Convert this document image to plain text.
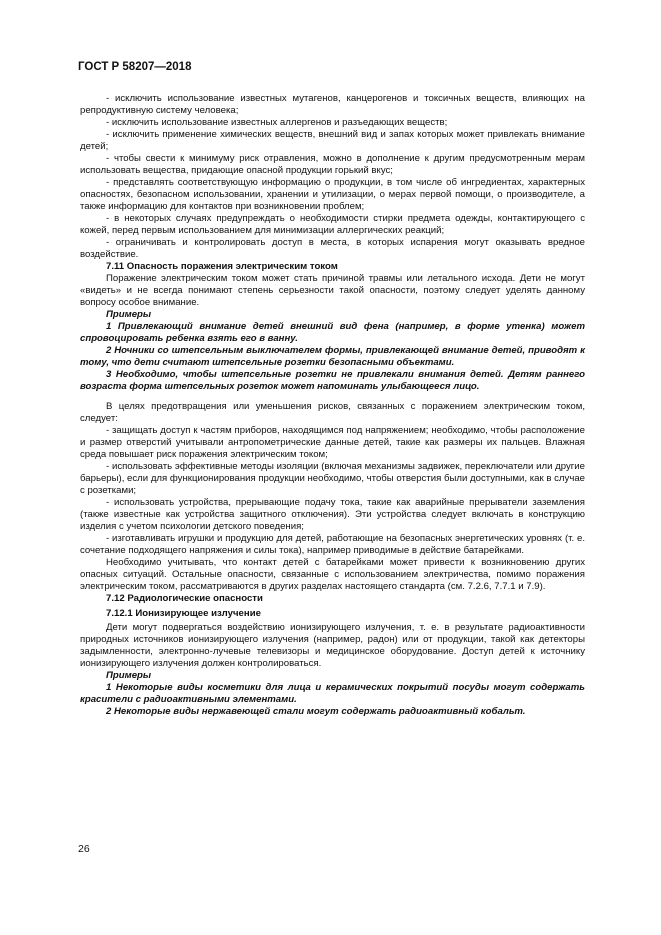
ГОСТ Р 58207—2018

- исключить использование известных мутагенов, канцерогенов и токсичных веществ, влияющих на репродуктивную систему человека;

- исключить использование известных аллергенов и разъедающих веществ;

- исключить применение химических веществ, внешний вид и запах которых может привлекать внимание детей;

- чтобы свести к минимуму риск отравления, можно в дополнение к другим предусмотренным мерам использовать вещества, придающие опасной продукции горький вкус;

- представлять соответствующую информацию о продукции, в том числе об ингредиентах, характерных опасностях, безопасном использовании, хранении и утилизации, о мерах первой помощи, о производителе, а также информацию для контактов при возникновении проблем;

- в некоторых случаях предупреждать о необходимости стирки предмета одежды, контактирующего с кожей, перед первым использованием для минимизации аллергических реакций;

- ограничивать и контролировать доступ в места, в которых испарения могут оказывать вредное воздействие.

7.11 Опасность поражения электрическим током

Поражение электрическим током может стать причиной травмы или летального исхода. Дети не могут «видеть» и не всегда понимают степень серьезности такой опасности, поэтому следует уделять данному вопросу особое внимание.

Примеры

1 Привлекающий внимание детей внешний вид фена (например, в форме утенка) может спровоцировать ребенка взять его в ванну.

2 Ночники со штепсельным выключателем формы, привлекающей внимание детей, приводят к тому, что дети считают штепсельные розетки безопасными объектами.

3 Необходимо, чтобы штепсельные розетки не привлекали внимания детей. Детям раннего возраста форма штепсельных розеток может напоминать улыбающееся лицо.

В целях предотвращения или уменьшения рисков, связанных с поражением электрическим током, следует:

- защищать доступ к частям приборов, находящимся под напряжением; необходимо, чтобы расположение и размер отверстий учитывали антропометрические данные детей, такие как размеры их пальцев. Влажная среда повышает риск поражения электрическим током;

- использовать эффективные методы изоляции (включая механизмы задвижек, переключатели или другие барьеры), если для функционирования продукции необходимо, чтобы отверстия были доступными, как в случае с розетками;

- использовать устройства, прерывающие подачу тока, такие как аварийные прерыватели заземления (также известные как устройства защитного отключения). Эти устройства следует включать в конструкцию изделия с учетом психологии детского поведения;

- изготавливать игрушки и продукцию для детей, работающие на безопасных энергетических уровнях (т. е. сочетание подходящего напряжения и силы тока), например приводимые в действие батарейками.

Необходимо учитывать, что контакт детей с батарейками может привести к возникновению других опасных ситуаций. Остальные опасности, связанные с использованием электричества, помимо поражения электрическим током, рассматриваются в других разделах настоящего стандарта (см. 7.2.6, 7.7.1 и 7.9).

7.12 Радиологические опасности

7.12.1 Ионизирующее излучение

Дети могут подвергаться воздействию ионизирующего излучения, т. е. в результате радиоактивности природных источников ионизирующего излучения (например, радон) или от продукции, такой как детекторы задымленности, электронно-лучевые телевизоры и медицинское оборудование. Доступ детей к источнику ионизирующего излучения должен контролироваться.

Примеры

1 Некоторые виды косметики для лица и керамических покрытий посуды могут содержать красители с радиоактивными элементами.

2 Некоторые виды нержавеющей стали могут содержать радиоактивный кобальт.

26
